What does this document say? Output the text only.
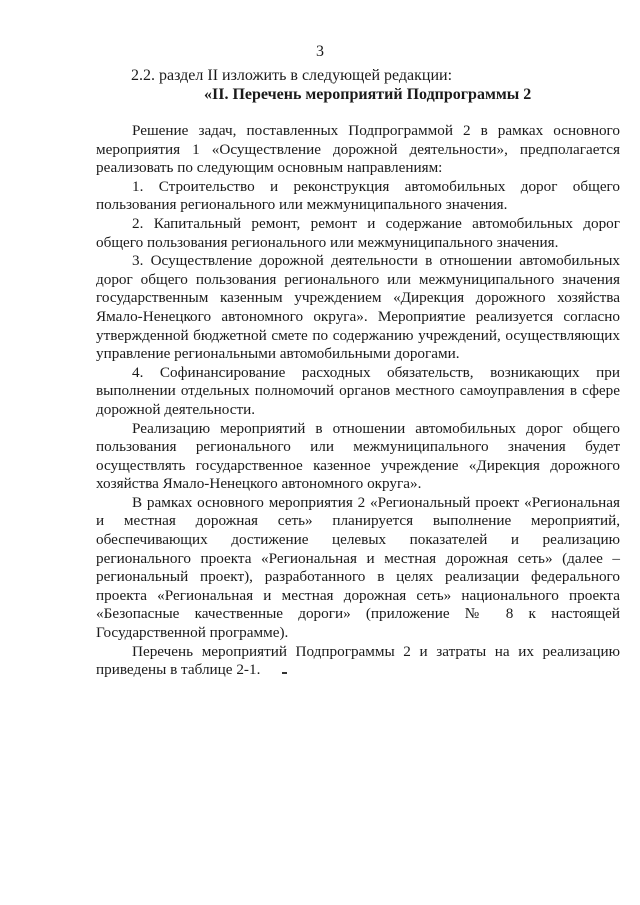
3
2.2. раздел II изложить в следующей редакции:
«II. Перечень мероприятий Подпрограммы 2

Решение задач, поставленных Подпрограммой 2 в рамках основного мероприятия 1 «Осуществление дорожной деятельности», предполагается реализовать по следующим основным направлениям:

1. Строительство и реконструкция автомобильных дорог общего пользования регионального или межмуниципального значения.

2. Капитальный ремонт, ремонт и содержание автомобильных дорог общего пользования регионального или межмуниципального значения.

3. Осуществление дорожной деятельности в отношении автомобильных дорог общего пользования регионального или межмуниципального значения государственным казенным учреждением «Дирекция дорожного хозяйства Ямало-Ненецкого автономного округа». Мероприятие реализуется согласно утвержденной бюджетной смете по содержанию учреждений, осуществляющих управление региональными автомобильными дорогами.

4. Софинансирование расходных обязательств, возникающих при выполнении отдельных полномочий органов местного самоуправления в сфере дорожной деятельности.

Реализацию мероприятий в отношении автомобильных дорог общего пользования регионального или межмуниципального значения будет осуществлять государственное казенное учреждение «Дирекция дорожного хозяйства Ямало-Ненецкого автономного округа».

В рамках основного мероприятия 2 «Региональный проект «Региональная и местная дорожная сеть» планируется выполнение мероприятий, обеспечивающих достижение целевых показателей и реализацию регионального проекта «Региональная и местная дорожная сеть» (далее – региональный проект), разработанного в целях реализации федерального проекта «Региональная и местная дорожная сеть» национального проекта «Безопасные качественные дороги» (приложение № 8 к настоящей Государственной программе).

Перечень мероприятий Подпрограммы 2 и затраты на их реализацию приведены в таблице 2-1.
